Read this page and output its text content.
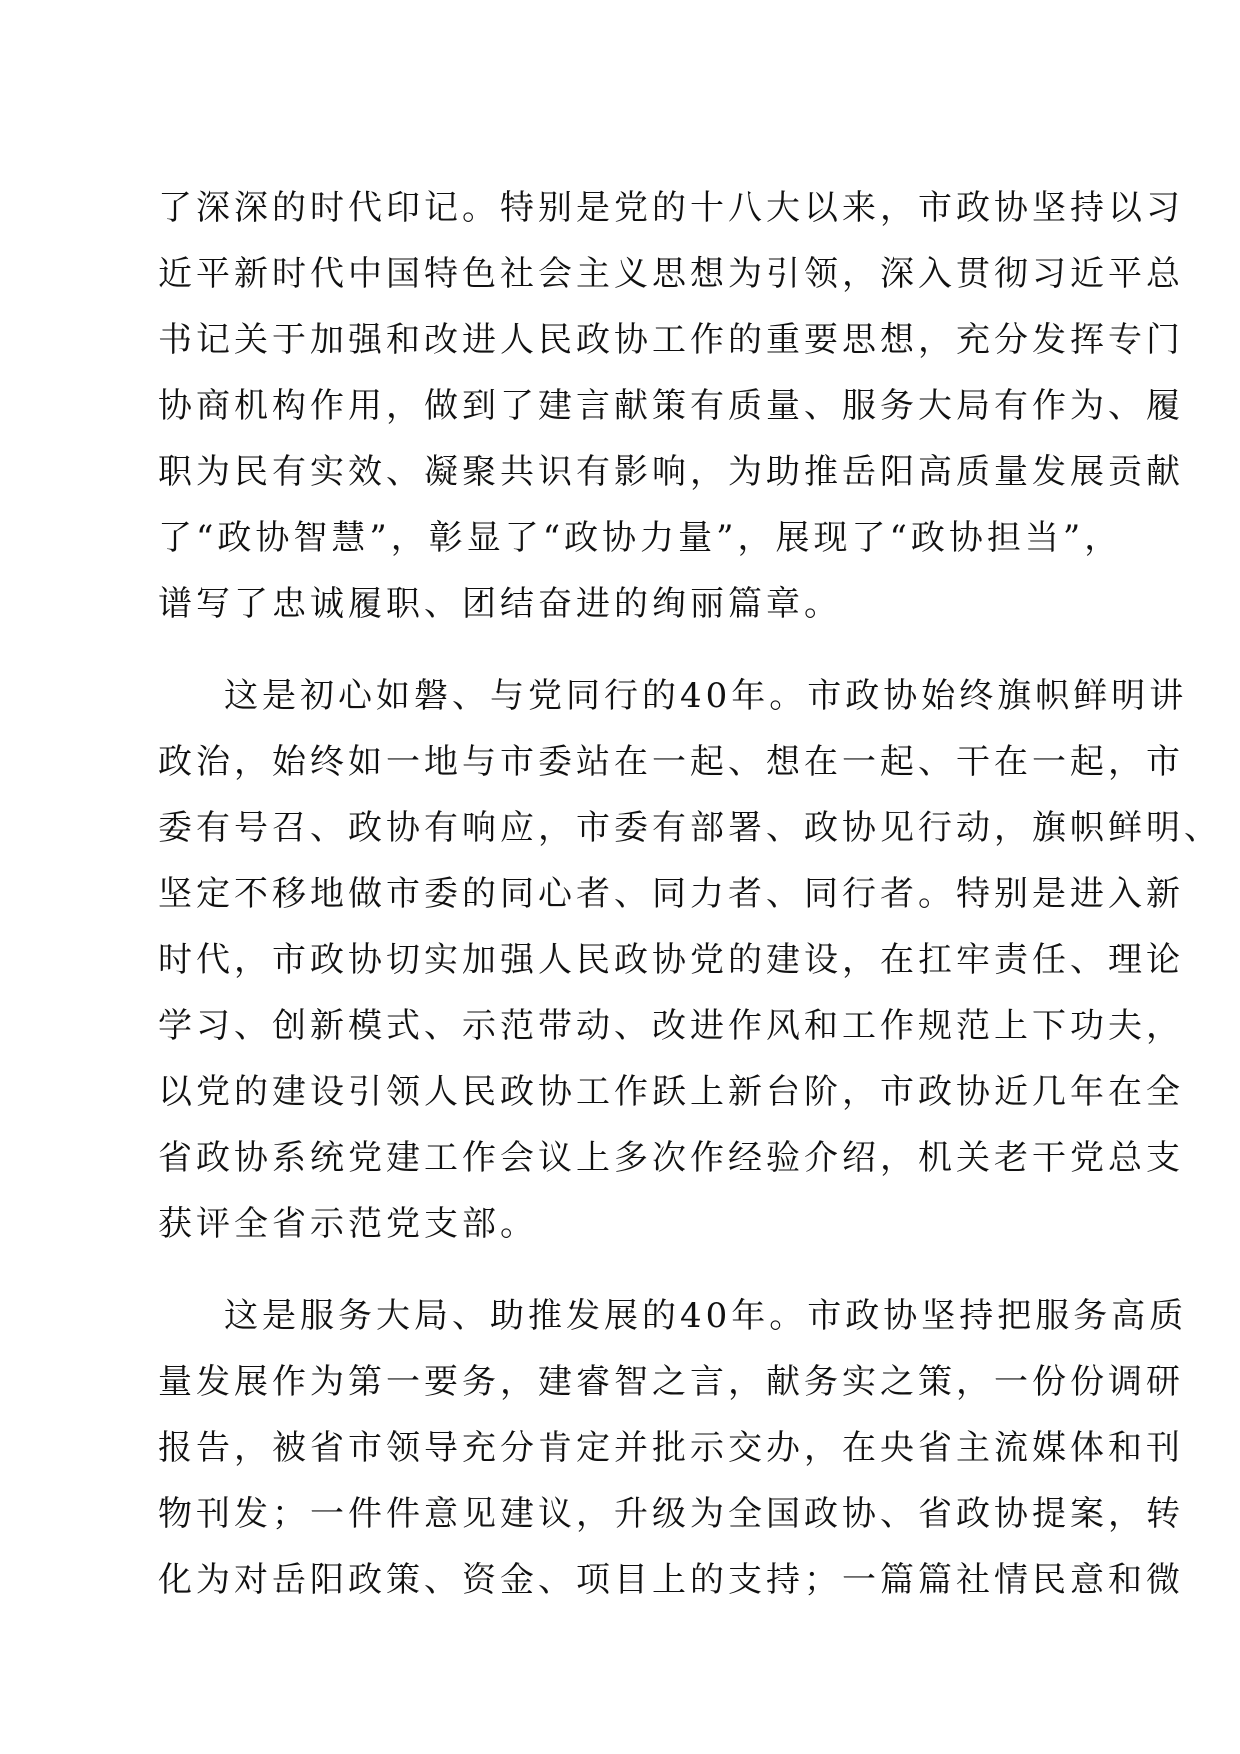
了深深的时代印记。特别是党的十八大以来，市政协坚持以习
近平新时代中国特色社会主义思想为引领，深入贯彻习近平总
书记关于加强和改进人民政协工作的重要思想，充分发挥专门
协商机构作用，做到了建言献策有质量、服务大局有作为、履
职为民有实效、凝聚共识有影响，为助推岳阳高质量发展贡献
了“政协智慧”，彰显了“政协力量”，展现了“政协担当”，
谱写了忠诚履职、团结奋进的绚丽篇章。
这是初心如磐、与党同行的40年。市政协始终旗帜鲜明讲
政治，始终如一地与市委站在一起、想在一起、干在一起，市
委有号召、政协有响应，市委有部署、政协见行动，旗帜鲜明、
坚定不移地做市委的同心者、同力者、同行者。特别是进入新
时代，市政协切实加强人民政协党的建设，在扛牢责任、理论
学习、创新模式、示范带动、改进作风和工作规范上下功夫，
以党的建设引领人民政协工作跃上新台阶，市政协近几年在全
省政协系统党建工作会议上多次作经验介绍，机关老干党总支
获评全省示范党支部。
这是服务大局、助推发展的40年。市政协坚持把服务高质
量发展作为第一要务，建睿智之言，献务实之策，一份份调研
报告，被省市领导充分肯定并批示交办，在央省主流媒体和刊
物刊发；一件件意见建议，升级为全国政协、省政协提案，转
化为对岳阳政策、资金、项目上的支持；一篇篇社情民意和微
